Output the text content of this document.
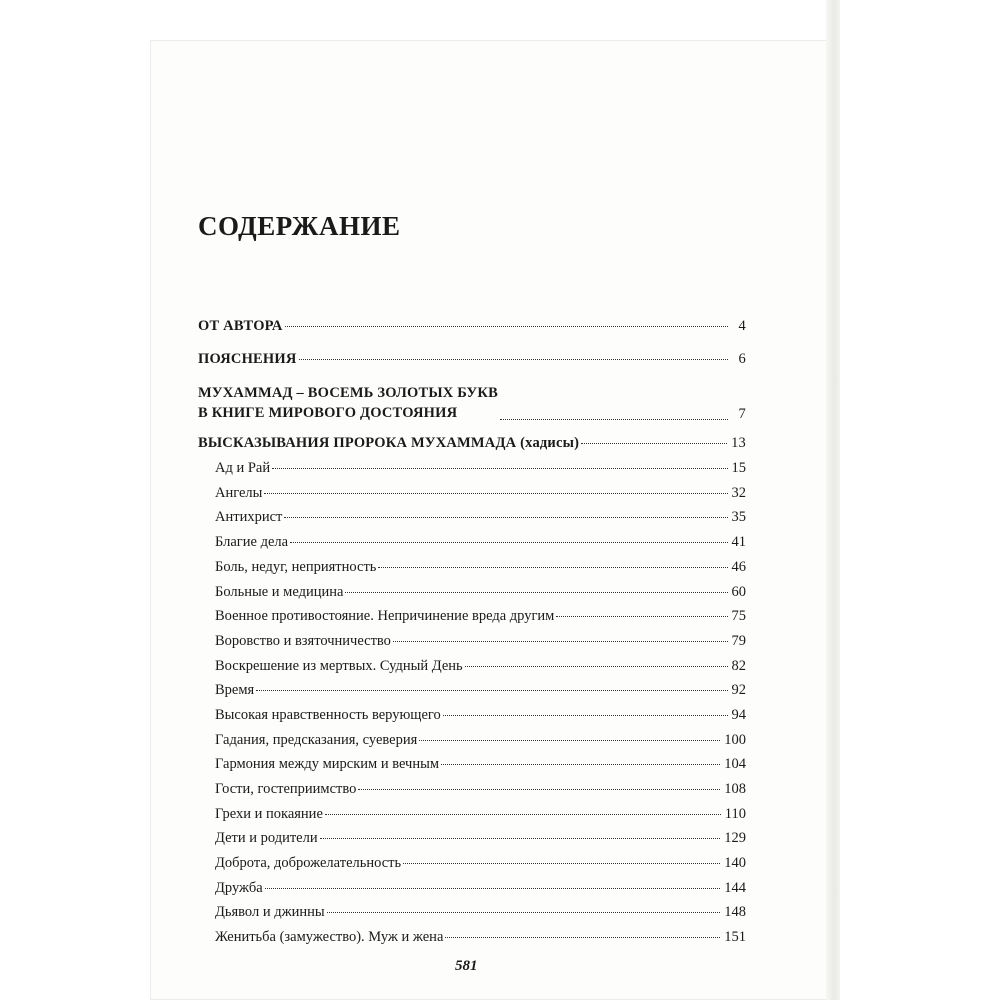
СОДЕРЖАНИЕ
ОТ АВТОРА	4
ПОЯСНЕНИЯ	6
МУХАММАД – ВОСЕМЬ ЗОЛОТЫХ БУКВ
В КНИГЕ МИРОВОГО ДОСТОЯНИЯ	7
ВЫСКАЗЫВАНИЯ ПРОРОКА МУХАММАДА (хадисы)	13
Ад и Рай	15
Ангелы	32
Антихрист	35
Благие дела	41
Боль, недуг, неприятность	46
Больные и медицина	60
Военное противостояние. Непричинение вреда другим	75
Воровство и взяточничество	79
Воскрешение из мертвых. Судный День	82
Время	92
Высокая нравственность верующего	94
Гадания, предсказания, суеверия	100
Гармония между мирским и вечным	104
Гости, гостеприимство	108
Грехи и покаяние	110
Дети и родители	129
Доброта, доброжелательность	140
Дружба	144
Дьявол и джинны	148
Женитьба (замужество). Муж и жена	151
581
